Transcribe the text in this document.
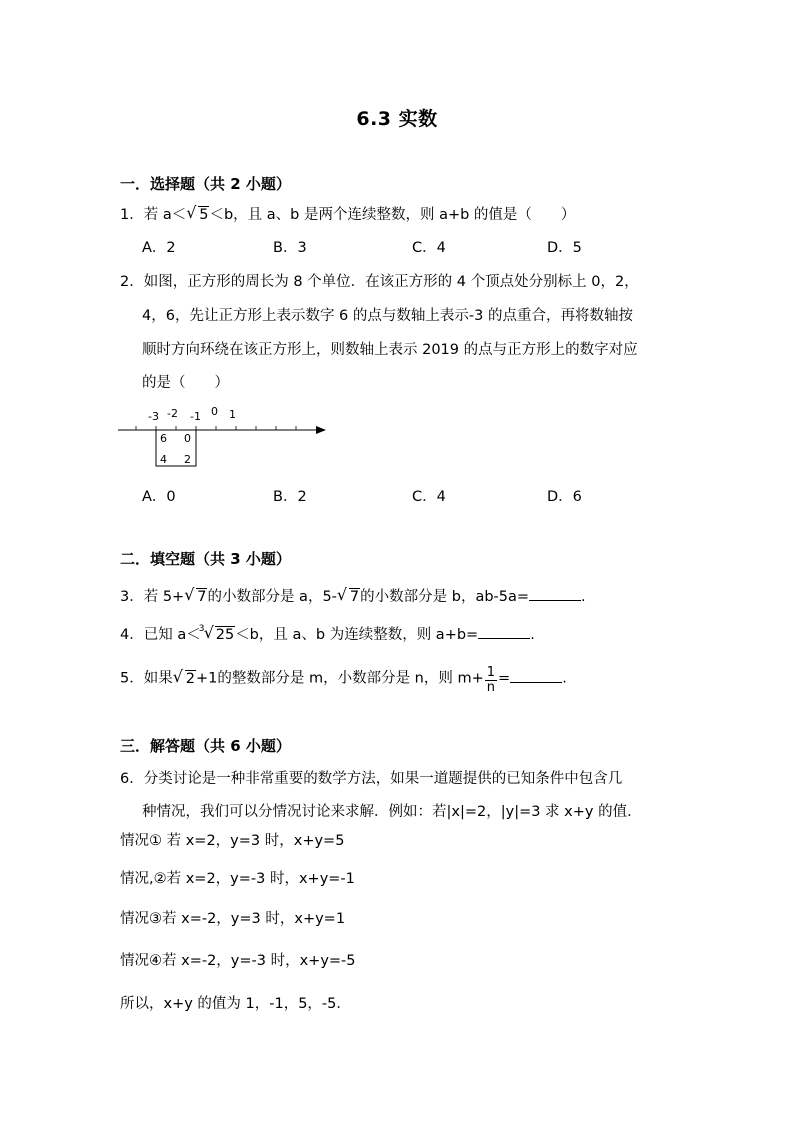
6.3 实数
一．选择题（共 2 小题）
1．若 a＜ √ 5＜b，且 a、b 是两个连续整数，则 a+b 的值是（　　）
A．2	B．3	C．4	D．5
2．如图，正方形的周长为 8 个单位．在该正方形的 4 个顶点处分别标上 0，2，
4，6，先让正方形上表示数字 6 的点与数轴上表示-3 的点重合，再将数轴按
顺时方向环绕在该正方形上，则数轴上表示 2019 的点与正方形上的数字对应
的是（　　）
-3 -2 -1 0 1
6 0
4 2
A．0	B．2	C．4	D．6
二．填空题（共 3 小题）
3．若 5+ √ 7的小数部分是 a，5- √ 7的小数部分是 b，ab-5a=	.
4．已知 a＜
3 √ 25＜b，且 a、b 为连续整数，则 a+b=	.
5．如果 √ 2+1的整数部分是 m，小数部分是 n，则 $m+ \frac{1}{n}$ =	.
三．解答题（共 6 小题）
6．分类讨论是一种非常重要的数学方法，如果一道题提供的已知条件中包含几
种情况，我们可以分情况讨论来求解．例如：若|x|=2，|y|=3 求 x+y 的值．
情况① 若 x=2，y=3 时，x+y=5
情况,②若 x=2，y=-3 时，x+y=-1
情况③若 x=-2，y=3 时，x+y=1
情况④若 x=-2，y=-3 时，x+y=-5
所以，x+y 的值为 1，-1，5，-5．
